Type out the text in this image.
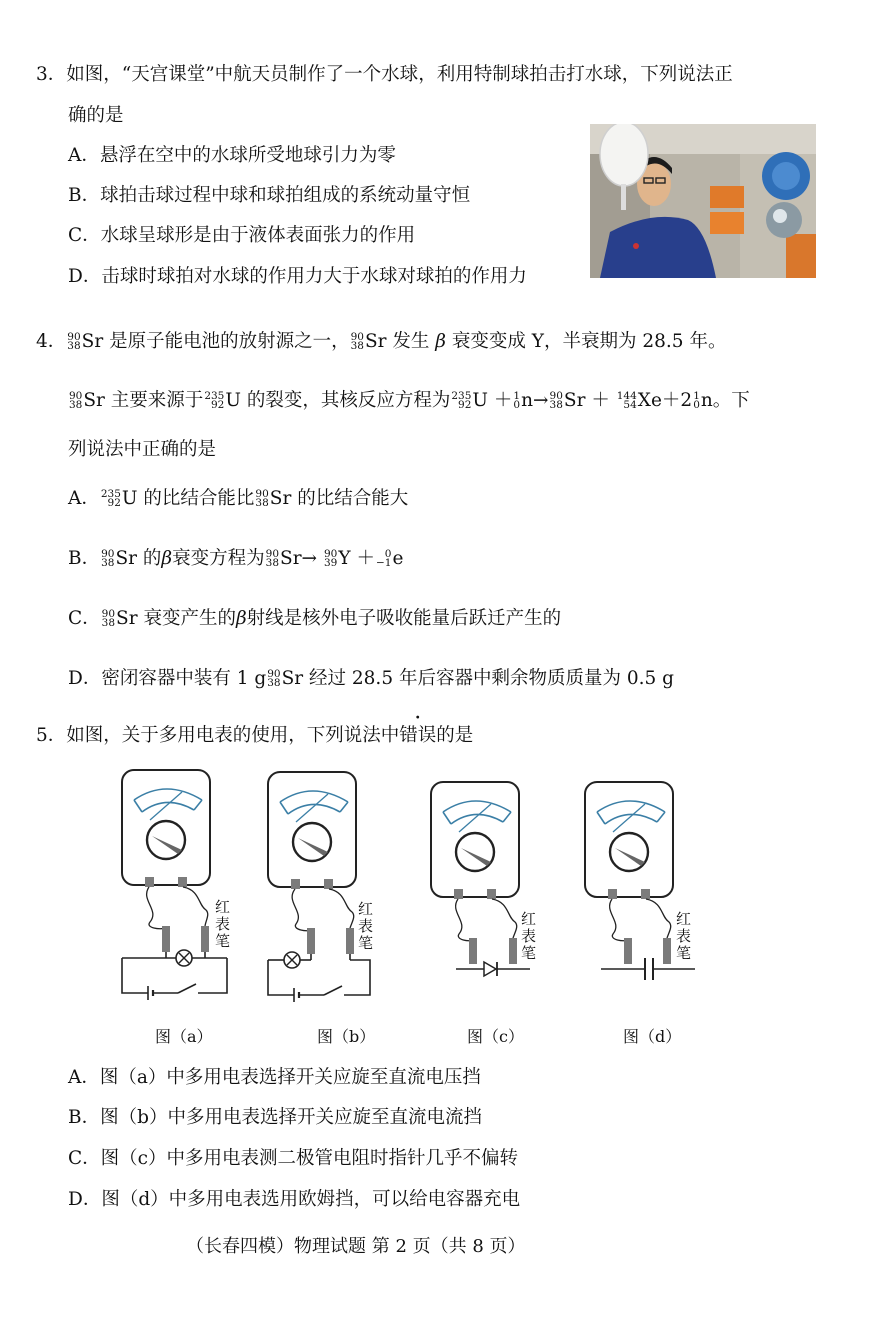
3．如图，“天宫课堂”中航天员制作了一个水球，利用特制球拍击打水球，下列说法正
确的是
A．悬浮在空中的水球所受地球引力为零
B．球拍击球过程中球和球拍组成的系统动量守恒
C．水球呈球形是由于液体表面张力的作用
D．击球时球拍对水球的作用力大于水球对球拍的作用力
4． 90
38 Sr 是原子能电池的放射源之一， 90
38 Sr 发生 β 衰变变成 Y，半衰期为 28.5 年。
90
38 Sr 主要来源于 235
92 U 的裂变，其核反应方程为 235
92 U ＋ 1
0 n→ 90
38 Sr ＋ 144
54 Xe＋2 1
0 n。下
列说法中正确的是
A． 235
92 U 的比结合能比 90
38 Sr 的比结合能大
B． 90
38 Sr 的β衰变方程为 90
38 Sr→ 90
39 Y ＋ 0
−1 e
C． 90
38 Sr 衰变产生的β射线是核外电子吸收能量后跃迁产生的
D．密闭容器中装有 1 g 90
38 Sr 经过 28.5 年后容器中剩余物质质量为 0.5 g
5．如图，关于多用电表的使用，下列说法中错误的是
红表笔
红表笔
红表笔
红表笔
图（a）	图（b）	图（c）	图（d）
A．图（a）中多用电表选择开关应旋至直流电压挡
B．图（b）中多用电表选择开关应旋至直流电流挡
C．图（c）中多用电表测二极管电阻时指针几乎不偏转
D．图（d）中多用电表选用欧姆挡，可以给电容器充电
（长春四模）物理试题 第 2 页（共 8 页）
